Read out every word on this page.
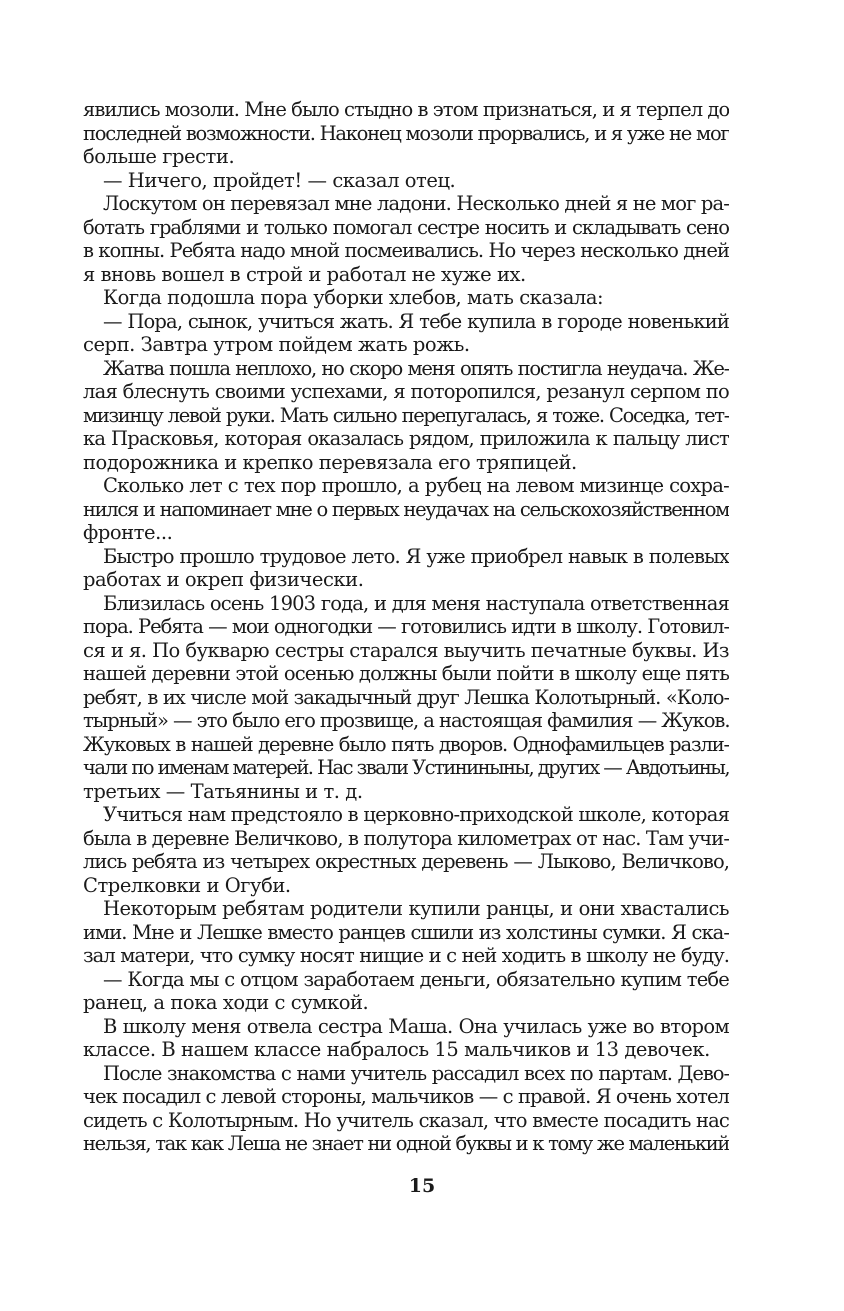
явились мозоли. Мне было стыдно в этом признаться, и я терпел до
последней возможности. Наконец мозоли прорвались, и я уже не мог
больше грести.
— Ничего, пройдет! — сказал отец.
Лоскутом он перевязал мне ладони. Несколько дней я не мог ра-
ботать граблями и только помогал сестре носить и складывать сено
в копны. Ребята надо мной посмеивались. Но через несколько дней
я вновь вошел в строй и работал не хуже их.
Когда подошла пора уборки хлебов, мать сказала:
— Пора, сынок, учиться жать. Я тебе купила в городе новенький
серп. Завтра утром пойдем жать рожь.
Жатва пошла неплохо, но скоро меня опять постигла неудача. Же-
лая блеснуть своими успехами, я поторопился, резанул серпом по
мизинцу левой руки. Мать сильно перепугалась, я тоже. Соседка, тет-
ка Прасковья, которая оказалась рядом, приложила к пальцу лист
подорожника и крепко перевязала его тряпицей.
Сколько лет с тех пор прошло, а рубец на левом мизинце сохра-
нился и напоминает мне о первых неудачах на сельскохозяйственном
фронте...
Быстро прошло трудовое лето. Я уже приобрел навык в полевых
работах и окреп физически.
Близилась осень 1903 года, и для меня наступала ответственная
пора. Ребята — мои одногодки — готовились идти в школу. Готовил-
ся и я. По букварю сестры старался выучить печатные буквы. Из
нашей деревни этой осенью должны были пойти в школу еще пять
ребят, в их числе мой закадычный друг Лешка Колотырный. «Коло-
тырный» — это было его прозвище, а настоящая фамилия — Жуков.
Жуковых в нашей деревне было пять дворов. Однофамильцев разли-
чали по именам матерей. Нас звали Устининыны, других — Авдотьины,
третьих — Татьянины и т. д.
Учиться нам предстояло в церковно-приходской школе, которая
была в деревне Величково, в полутора километрах от нас. Там учи-
лись ребята из четырех окрестных деревень — Лыково, Величково,
Стрелковки и Огуби.
Некоторым ребятам родители купили ранцы, и они хвастались
ими. Мне и Лешке вместо ранцев сшили из холстины сумки. Я ска-
зал матери, что сумку носят нищие и с ней ходить в школу не буду.
— Когда мы с отцом заработаем деньги, обязательно купим тебе
ранец, а пока ходи с сумкой.
В школу меня отвела сестра Маша. Она училась уже во втором
классе. В нашем классе набралось 15 мальчиков и 13 девочек.
После знакомства с нами учитель рассадил всех по партам. Дево-
чек посадил с левой стороны, мальчиков — с правой. Я очень хотел
сидеть с Колотырным. Но учитель сказал, что вместе посадить нас
нельзя, так как Леша не знает ни одной буквы и к тому же маленький
15
